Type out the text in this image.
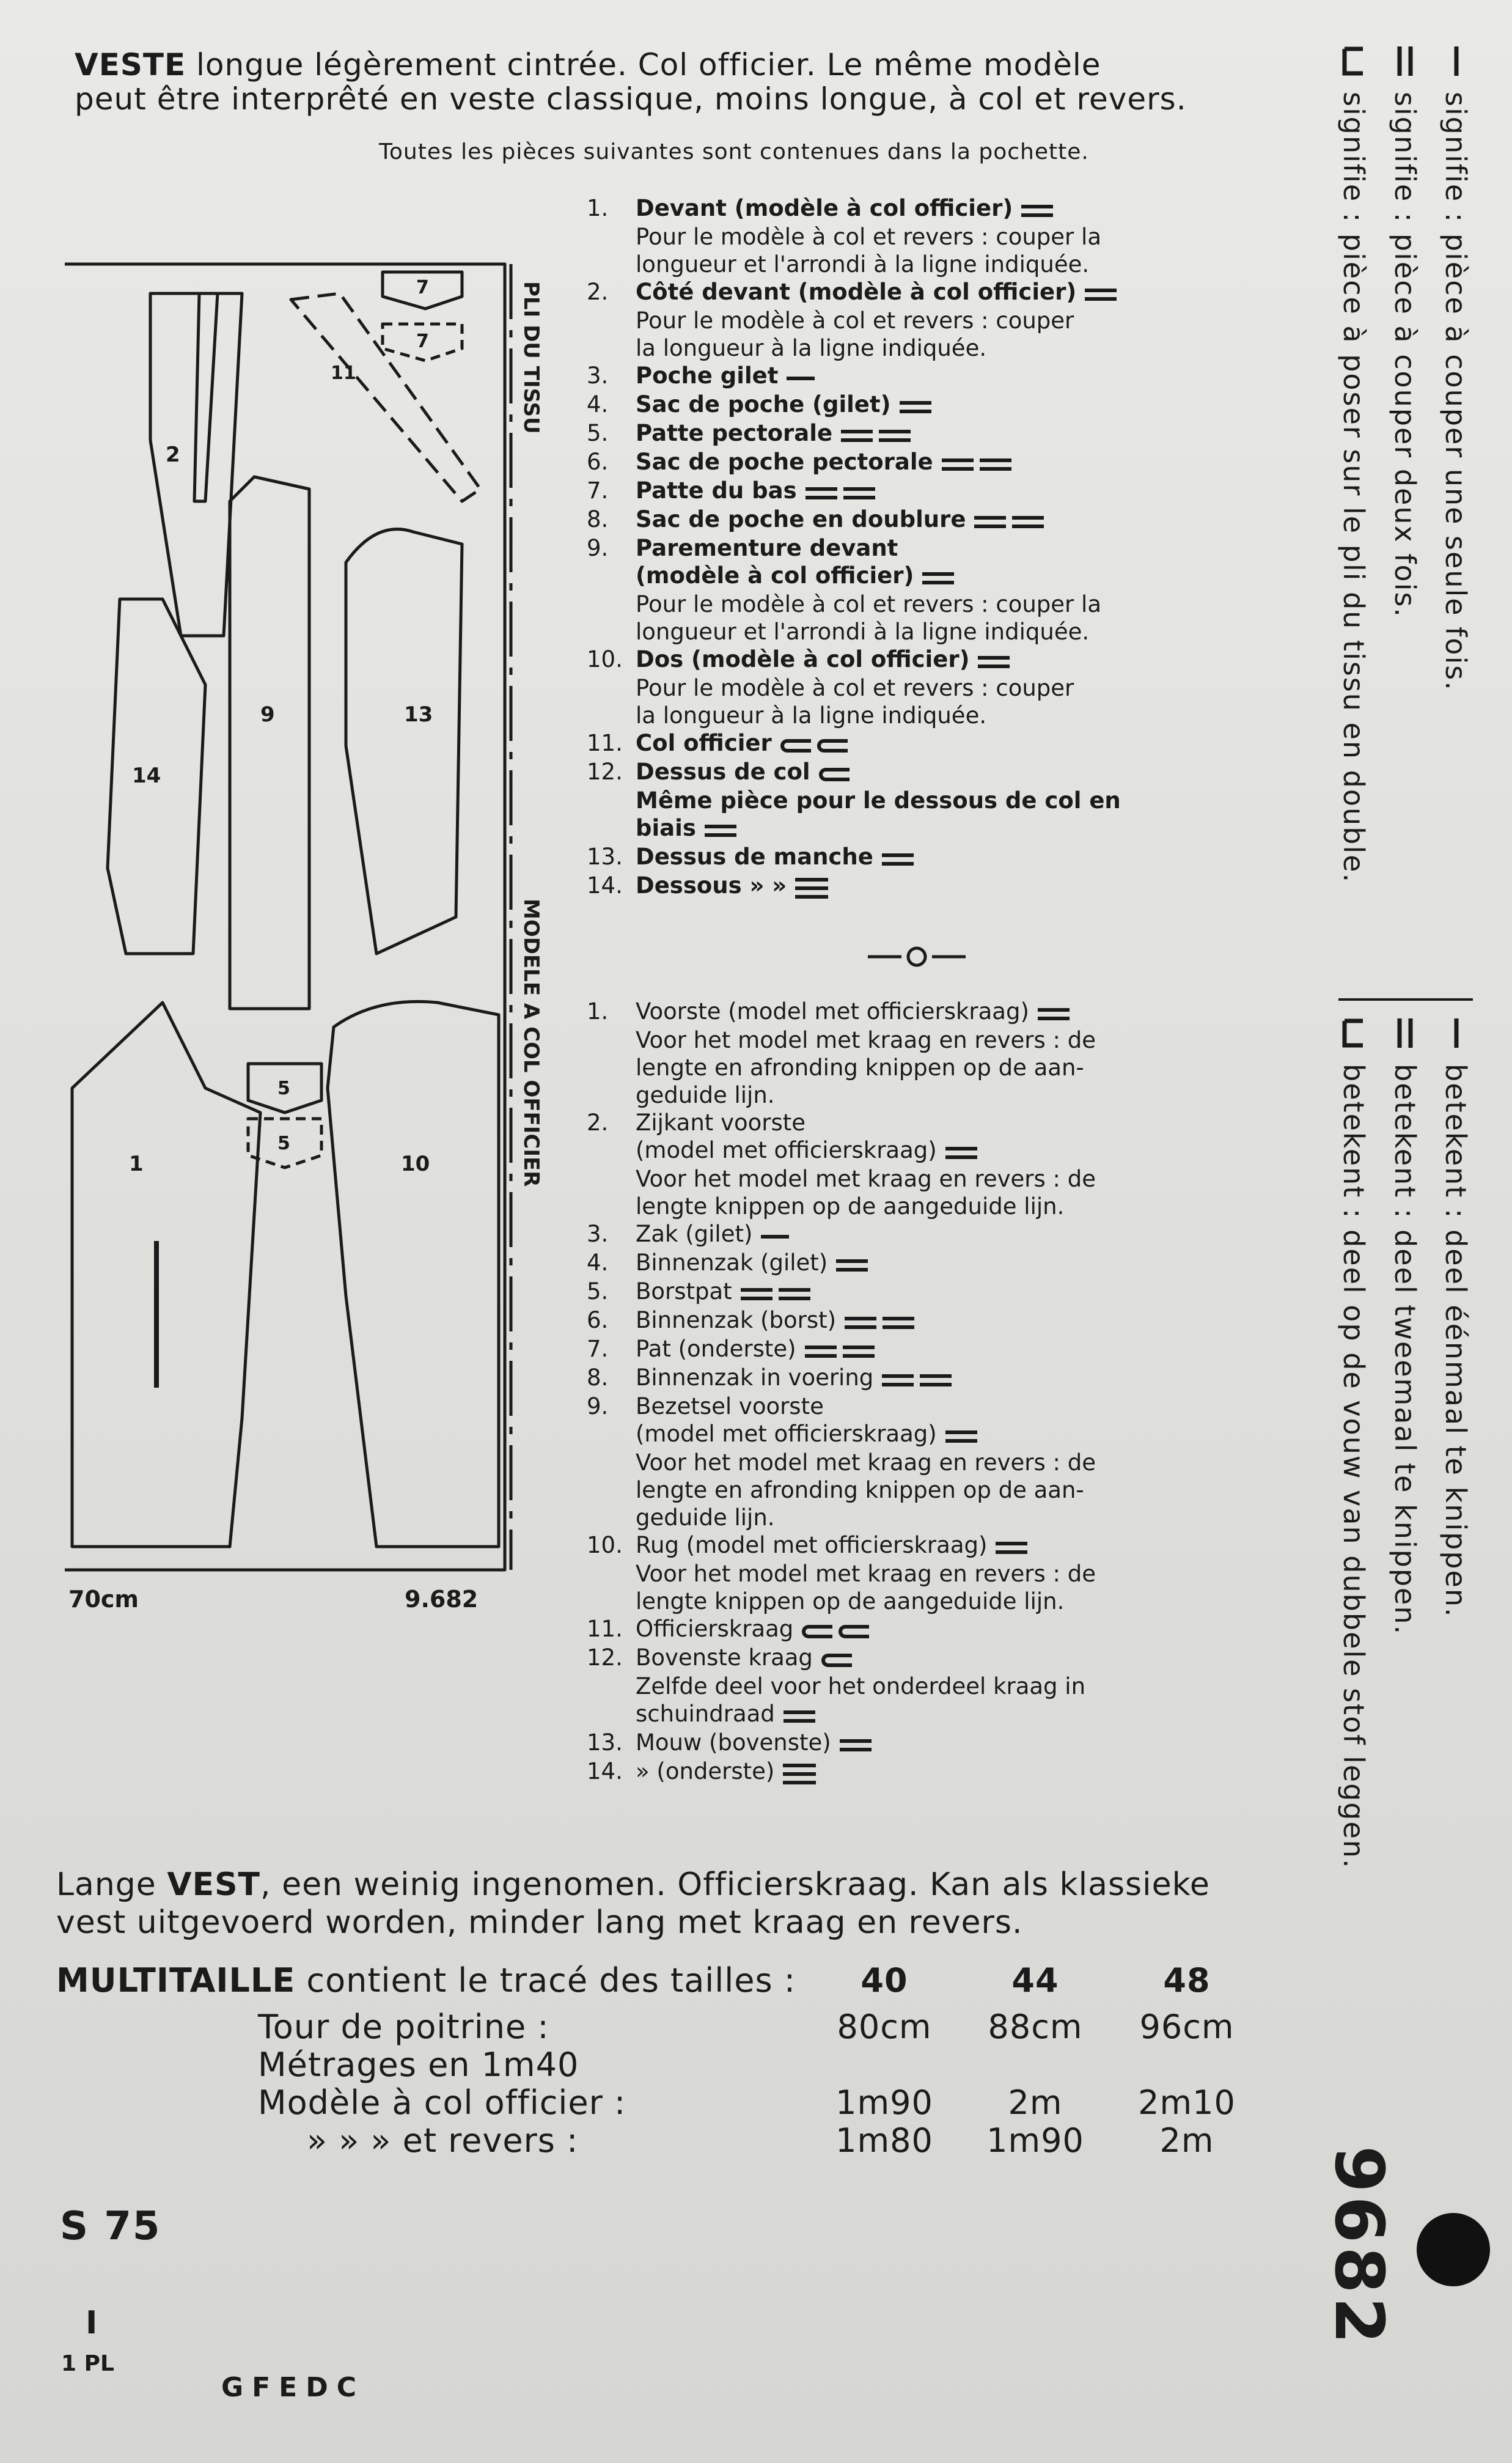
VESTE longue légèrement cintrée. Col officier. Le même modèle
peut être interprêté en veste classique, moins longue, à col et revers.
Toutes les pièces suivantes sont contenues dans la pochette.
1.	Devant (modèle à col officier)
Pour le modèle à col et revers : couper la
longueur et l'arrondi à la ligne indiquée.
2.	Côté devant (modèle à col officier)
Pour le modèle à col et revers : couper
la longueur à la ligne indiquée.
3.	Poche gilet
4.	Sac de poche (gilet)
5.	Patte pectorale
6.	Sac de poche pectorale
7.	Patte du bas
8.	Sac de poche en doublure
9.	Parementure devant
(modèle à col officier)
Pour le modèle à col et revers : couper la
longueur et l'arrondi à la ligne indiquée.
10. Dos (modèle à col officier)
Pour le modèle à col et revers : couper
la longueur à la ligne indiquée.
11. Col officier
12. Dessus de col
Même pièce pour le dessous de col en
biais
13. Dessus de manche
14. Dessous » »
1.	Voorste (model met officierskraag)
Voor het model met kraag en revers : de
lengte en afronding knippen op de aan-
geduide lijn.
2.	Zijkant voorste
(model met officierskraag)
Voor het model met kraag en revers : de
lengte knippen op de aangeduide lijn.
3.	Zak (gilet)
4.	Binnenzak (gilet)
5.	Borstpat
6.	Binnenzak (borst)
7.	Pat (onderste)
8.	Binnenzak in voering
9.	Bezetsel voorste
(model met officierskraag)
Voor het model met kraag en revers : de
lengte en afronding knippen op de aan-
geduide lijn.
10. Rug (model met officierskraag)
Voor het model met kraag en revers : de
lengte knippen op de aangeduide lijn.
11. Officierskraag
12. Bovenste kraag
Zelfde deel voor het onderdeel kraag in
schuindraad
13. Mouw (bovenste)
14. » (onderste)
2
14
9	13
11
7
7
1
5
5
10
PLI DU TISSU
MODELE A COL OFFICIER
70cm	9.682
signifie : pièce à couper une seule fois.
signifie : pièce à couper deux fois.
signifie : pièce à poser sur le pli du tissu en double.
betekent : deel éénmaal te knippen.
betekent : deel tweemaal te knippen.
betekent : deel op de vouw van dubbele stof leggen.
Lange VEST, een weinig ingenomen. Officierskraag. Kan als klassieke
vest uitgevoerd worden, minder lang met kraag en revers.
MULTITAILLE contient le tracé des tailles :	40	44	48
Tour de poitrine :	80cm	88cm	96cm
Métrages en 1m40
Modèle à col officier :	1m90	2m	2m10
» » » et revers :	1m80	1m90	2m
S 75
I
1 PL
GFEDC
9682
